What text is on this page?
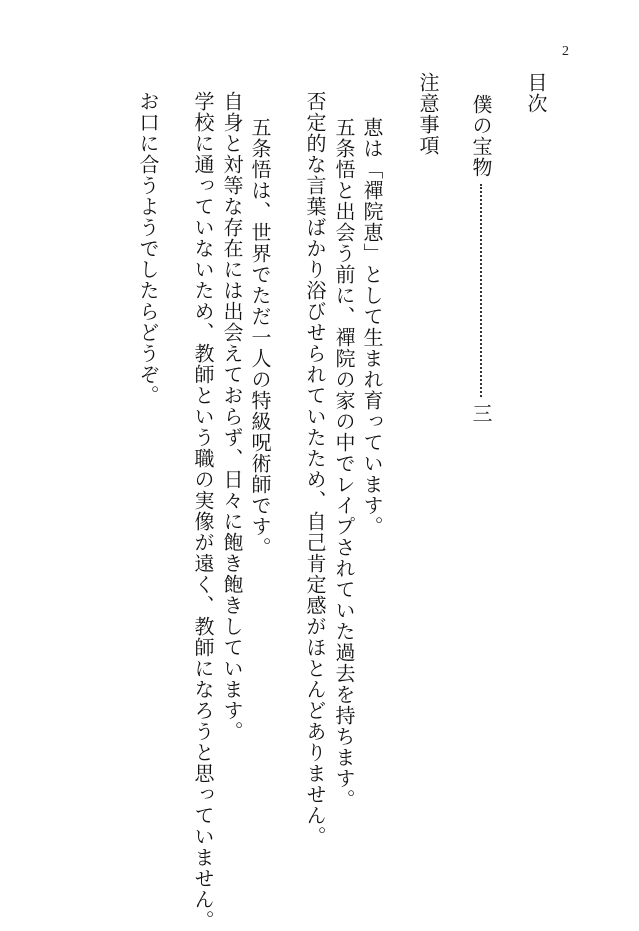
2
目次
僕の宝物
三
注意事項
恵は「禪院恵」として生まれ育っています。
五条悟と出会う前に、禪院の家の中でレイプされていた過去を持ちます。
否定的な言葉ばかり浴びせられていたため、自己肯定感がほとんどありません。
五条悟は、世界でただ一人の特級呪術師です。
自身と対等な存在には出会えておらず、日々に飽き飽きしています。
学校に通っていないため、教師という職の実像が遠く、教師になろうと思っていません。
お口に合うようでしたらどうぞ。
